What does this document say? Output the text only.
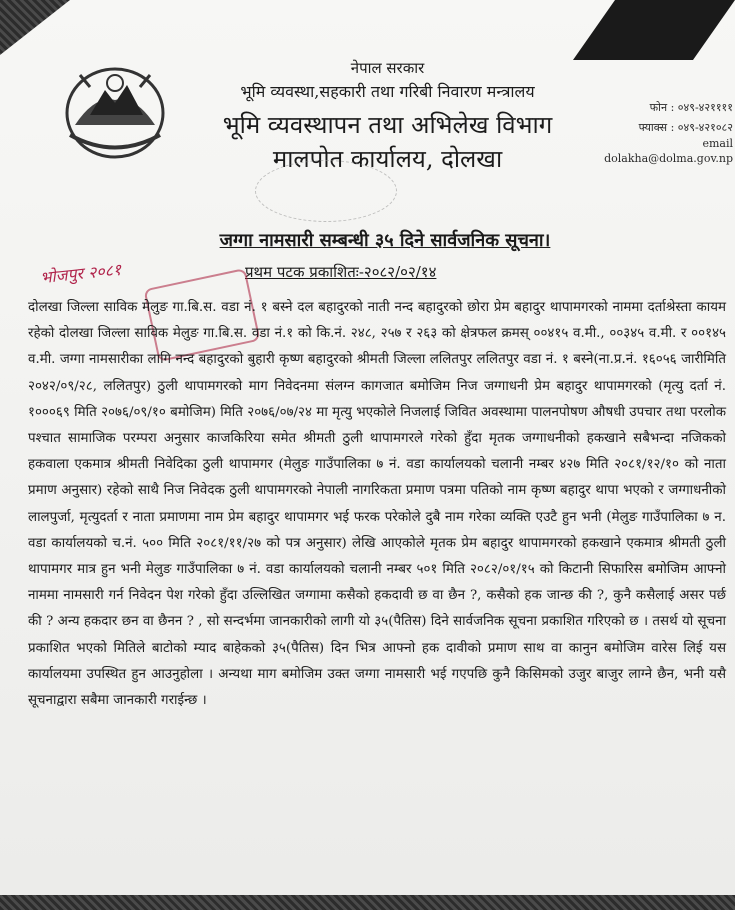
नेपाल सरकार
भूमि व्यवस्था,सहकारी तथा गरिबी निवारण मन्त्रालय
भूमि व्यवस्थापन तथा अभिलेख विभाग
मालपोत कार्यालय, दोलखा
फोन : ०४९-४२११११
फ्याक्स : ०४९-४२१०८२
email
dolakha@dolma.gov.np
जग्गा नामसारी सम्बन्धी ३५ दिने सार्वजनिक सूचना।
भोजपुर २०८१	प्रथम पटक प्रकाशितः-२०८२/०२/१४

दोलखा जिल्ला साविक मेलुङ गा.बि.स. वडा नं. १ बस्ने दल बहादुरको नाती नन्द बहादुरको छोरा प्रेम बहादुर थापामगरको नाममा दर्ताश्रेस्ता कायम रहेको दोलखा जिल्ला साविक मेलुङ गा.बि.स. वडा नं.१ को कि.नं. २४८, २५७ र २६३ को क्षेत्रफल क्रमस् ००४१५ व.मी., ००३४५ व.मी. र ००१४५ व.मी. जग्गा नामसारीका लागि नन्द बहादुरको बुहारी कृष्ण बहादुरको श्रीमती जिल्ला ललितपुर ललितपुर वडा नं. १ बस्ने(ना.प्र.नं. १६०५६ जारीमिति २०४२/०९/२८, ललितपुर) ठुली थापामगरको माग निवेदनमा संलग्न कागजात बमोजिम निज जग्गाधनी प्रेम बहादुर थापामगरको (मृत्यु दर्ता नं. १०००६९ मिति २०७६/०९/१० बमोजिम) मिति २०७६/०७/२४ मा मृत्यु भएकोले निजलाई जिवित अवस्थामा पालनपोषण औषधी उपचार तथा परलोक पश्चात सामाजिक परम्परा अनुसार काजकिरिया समेत श्रीमती ठुली थापामगरले गरेको हुँदा मृतक जग्गाधनीको हकखाने सबैभन्दा नजिकको हकवाला एकमात्र श्रीमती निवेदिका ठुली थापामगर (मेलुङ गाउँपालिका ७ नं. वडा कार्यालयको चलानी नम्बर ४२७ मिति २०८१/१२/१० को नाता प्रमाण अनुसार) रहेको साथै निज निवेदक ठुली थापामगरको नेपाली नागरिकता प्रमाण पत्रमा पतिको नाम कृष्ण बहादुर थापा भएको र जग्गाधनीको लालपुर्जा, मृत्युदर्ता र नाता प्रमाणमा नाम प्रेम बहादुर थापामगर भई फरक परेकोले दुबै नाम गरेका व्यक्ति एउटै हुन भनी (मेलुङ गाउँपालिका ७ न. वडा कार्यालयको च.नं. ५०० मिति २०८१/११/२७ को पत्र अनुसार) लेखि आएकोले मृतक प्रेम बहादुर थापामगरको हकखाने एकमात्र श्रीमती ठुली थापामगर मात्र हुन भनी मेलुङ गाउँपालिका ७ नं. वडा कार्यालयको चलानी नम्बर ५०१ मिति २०८२/०१/१५ को किटानी सिफारिस बमोजिम आफ्नो नाममा नामसारी गर्न निवेदन पेश गरेको हुँदा उल्लिखित जग्गामा कसैको हकदावी छ वा छैन ?, कसैको हक जान्छ की ?, कुनै कसैलाई असर पर्छ की ? अन्य हकदार छन वा छैनन ? , सो सन्दर्भमा जानकारीको लागी यो ३५(पैतिस) दिने सार्वजनिक सूचना प्रकाशित गरिएको छ । तसर्थ यो सूचना प्रकाशित भएको मितिले बाटोको म्याद बाहेकको ३५(पैतिस) दिन भित्र आफ्नो हक दावीको प्रमाण साथ वा कानुन बमोजिम वारेस लिई यस कार्यालयमा उपस्थित हुन आउनुहोला । अन्यथा माग बमोजिम उक्त जग्गा नामसारी भई गएपछि कुनै किसिमको उजुर बाजुर लाग्ने छैन, भनी यसै सूचनाद्वारा सबैमा जानकारी गराईन्छ ।
